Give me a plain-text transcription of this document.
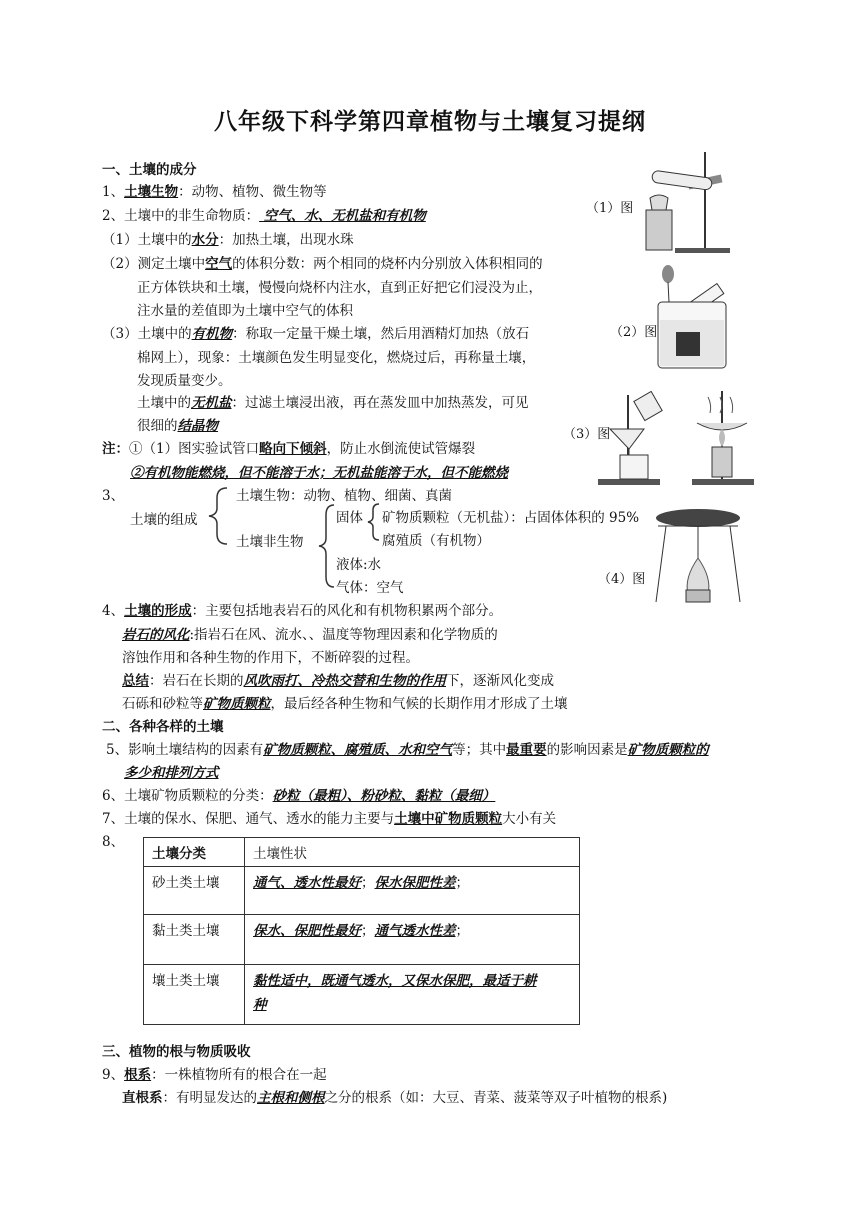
八年级下科学第四章植物与土壤复习提纲
一、土壤的成分
1、土壤生物：动物、植物、微生物等
2、土壤中的非生命物质： 空气、水、无机盐和有机物
（1）土壤中的水分：加热土壤，出现水珠
（2）测定土壤中空气的体积分数：两个相同的烧杯内分别放入体积相同的
正方体铁块和土壤，慢慢向烧杯内注水，直到正好把它们浸没为止，
注水量的差值即为土壤中空气的体积
（3）土壤中的有机物：称取一定量干燥土壤，然后用酒精灯加热（放石
棉网上），现象：土壤颜色发生明显变化，燃烧过后，再称量土壤，
发现质量变少。
土壤中的无机盐：过滤土壤浸出液，再在蒸发皿中加热蒸发，可见
很细的结晶物
注：①（1）图实验试管口略向下倾斜，防止水倒流使试管爆裂
②有机物能燃烧，但不能溶于水；无机盐能溶于水，但不能燃烧
3、
土壤的组成
土壤生物：动物、植物、细菌、真菌
土壤非生物
固体 矿物质颗粒（无机盐）：占固体体积的 95%
腐殖质（有机物）
液体:水
气体：空气
4、土壤的形成：主要包括地表岩石的风化和有机物积累两个部分。
岩石的风化:指岩石在风、流水、、温度等物理因素和化学物质的
溶蚀作用和各种生物的作用下，不断碎裂的过程。
总结：岩石在长期的风吹雨打、冷热交替和生物的作用下，逐渐风化变成
石砾和砂粒等矿物质颗粒，最后经各种生物和气候的长期作用才形成了土壤
二、各种各样的土壤
5、影响土壤结构的因素有矿物质颗粒、腐殖质、水和空气等；其中最重要的影响因素是矿物质颗粒的
多少和排列方式
6、土壤矿物质颗粒的分类：砂粒（最粗）、粉砂粒、黏粒（最细）
7、土壤的保水、保肥、通气、透水的能力主要与土壤中矿物质颗粒大小有关
8、
土壤分类	土壤性状
砂土类土壤	通气、透水性最好；保水保肥性差；
黏土类土壤	保水、保肥性最好；通气透水性差；
壤土类土壤	黏性适中，既通气透水，又保水保肥，最适于耕
种
三、植物的根与物质吸收
9、根系：一株植物所有的根合在一起
直根系：有明显发达的主根和侧根之分的根系（如：大豆、青菜、菠菜等双子叶植物的根系)
（1）图
（2）图
（3）图
（4）图
